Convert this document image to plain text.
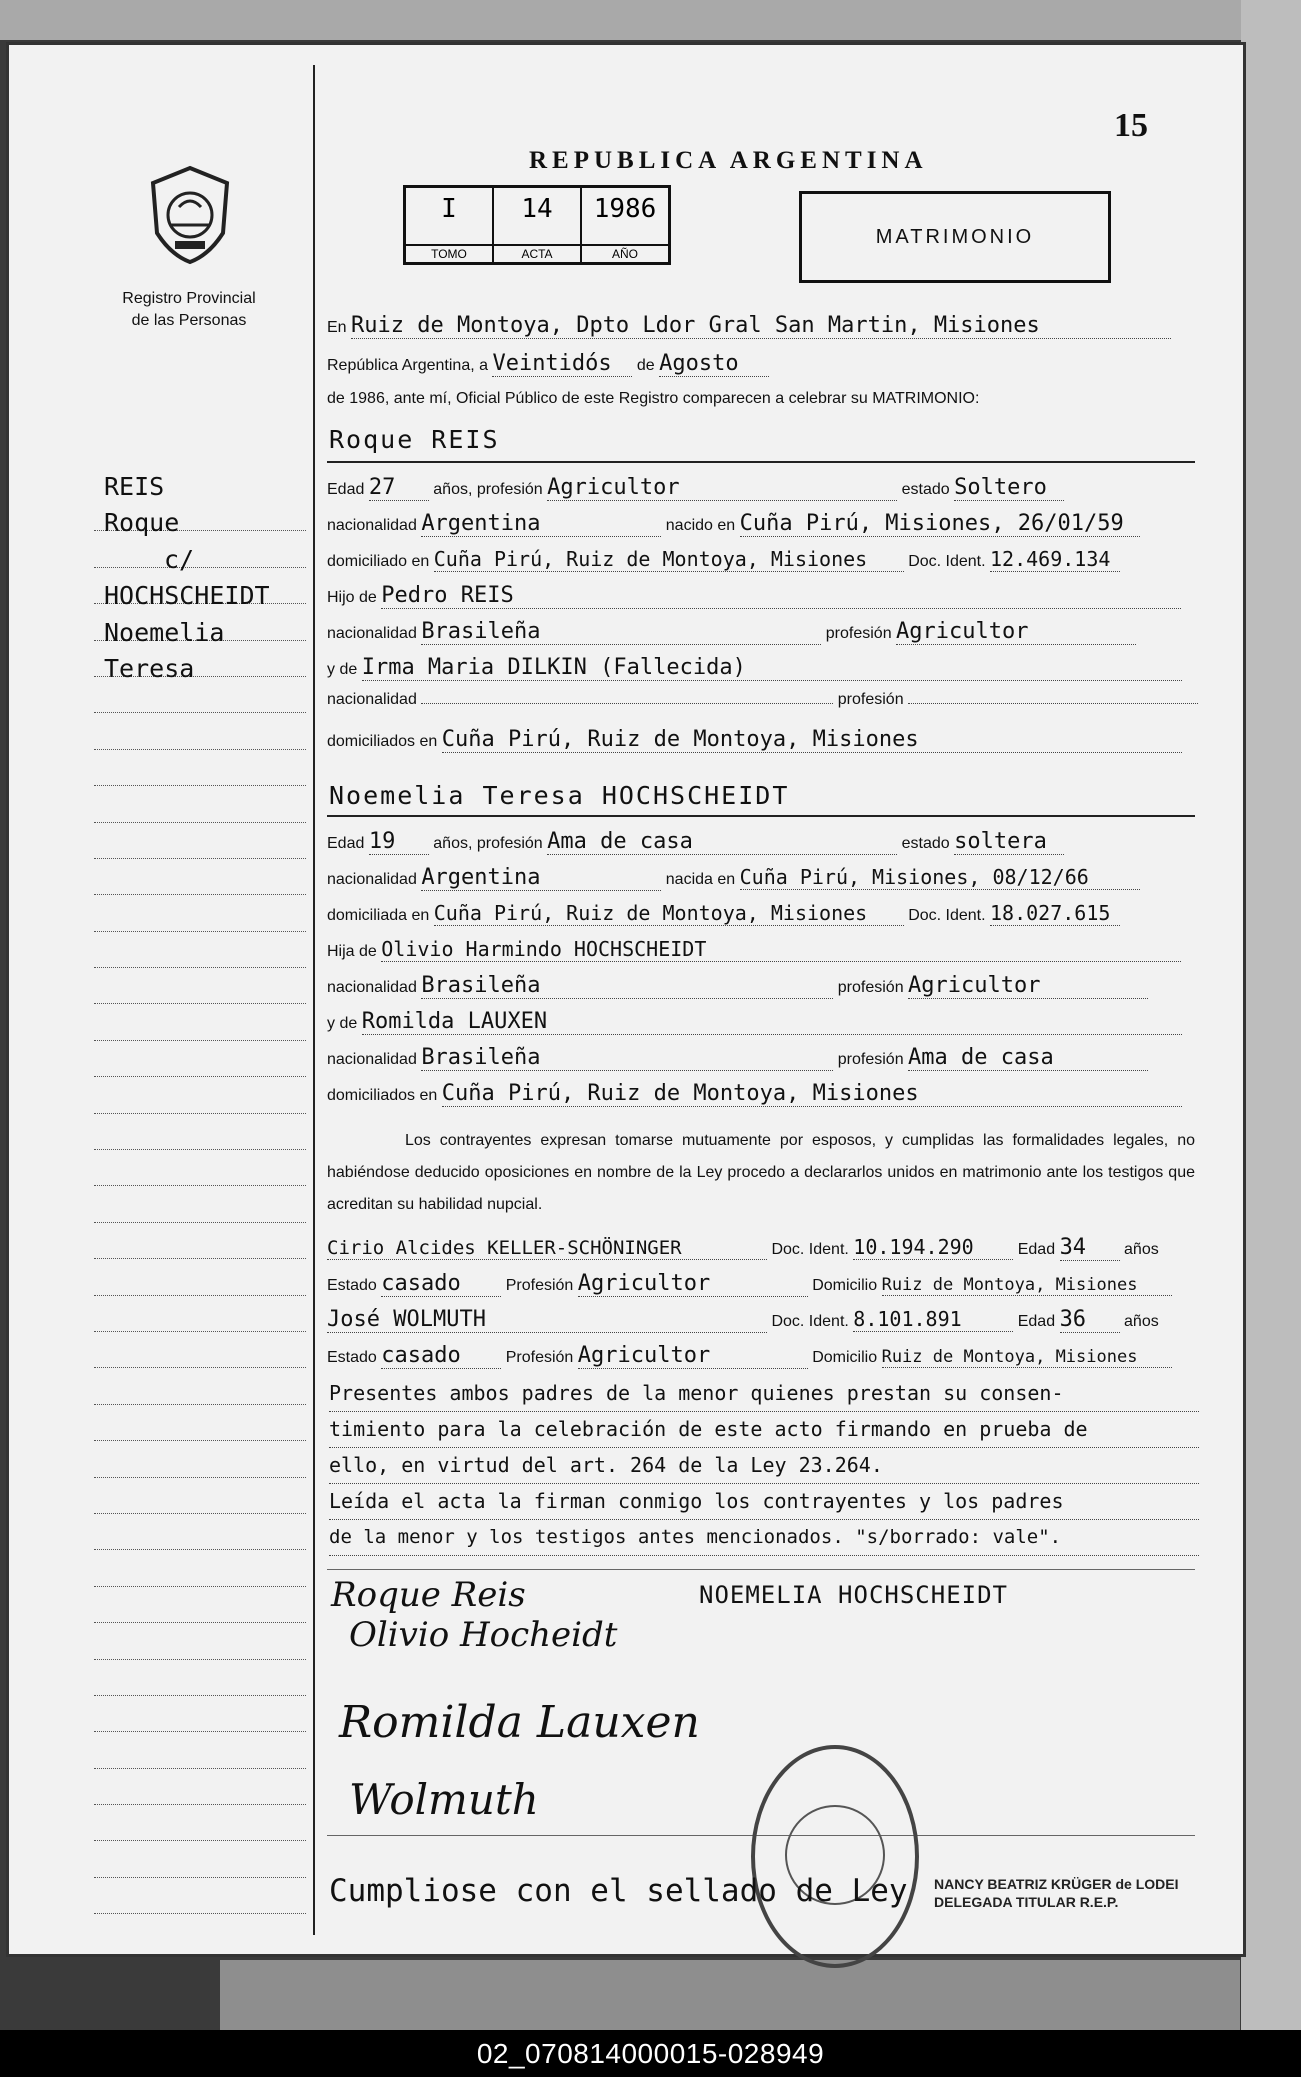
15
Registro Provincial
de las Personas
REIS
Roque
c/
HOCHSCHEIDT
Noemelia
Teresa
REPUBLICA ARGENTINA
I
TOMO
14
ACTA
1986
AÑO
MATRIMONIO
En Ruiz de Montoya, Dpto Ldor Gral San Martin, Misiones
República Argentina, a Veintidós de Agosto
de 1986, ante mí, Oficial Público de este Registro comparecen a celebrar su MATRIMONIO:
Roque REIS
Edad 27 años, profesión Agricultor	estado Soltero
nacionalidad Argentina	nacido en Cuña Pirú, Misiones, 26/01/59
domiciliado en Cuña Pirú, Ruiz de Montoya, Misiones	Doc. Ident. 12.469.134
Hijo de Pedro REIS
nacionalidad Brasileña	profesión Agricultor
y de Irma Maria DILKIN (Fallecida)
nacionalidad	profesión
domiciliados en Cuña Pirú, Ruiz de Montoya, Misiones
Noemelia Teresa HOCHSCHEIDT
Edad 19 años, profesión Ama de casa	estado soltera
nacionalidad Argentina	nacida en Cuña Pirú, Misiones, 08/12/66
domiciliada en Cuña Pirú, Ruiz de Montoya, Misiones	Doc. Ident. 18.027.615
Hija de Olivio Harmindo HOCHSCHEIDT
nacionalidad Brasileña	profesión Agricultor
y de Romilda LAUXEN
nacionalidad Brasileña	profesión Ama de casa
domiciliados en Cuña Pirú, Ruiz de Montoya, Misiones
Los contrayentes expresan tomarse mutuamente por esposos, y cumplidas las formalidades legales, no habiéndose deducido oposiciones en nombre de la Ley procedo a declararlos unidos en matrimonio ante los testigos que acreditan su habilidad nupcial.
Cirio Alcides KELLER-SCHÖNINGER	Doc. Ident. 10.194.290	Edad 34 años
Estado casado	Profesión Agricultor	Domicilio Ruiz de Montoya, Misiones
José WOLMUTH	Doc. Ident. 8.101.891	Edad 36 años
Estado casado	Profesión Agricultor	Domicilio Ruiz de Montoya, Misiones
Presentes ambos padres de la menor quienes prestan su consen-
timiento para la celebración de este acto firmando en prueba de
ello, en virtud del art. 264 de la Ley 23.264.
Leída el acta la firman conmigo los contrayentes y los padres
de la menor y los testigos antes mencionados. "s/borrado: vale".
Roque Reis
Olivio Hocheidt
NOEMELIA HOCHSCHEIDT
Romilda Lauxen
Wolmuth
Cumpliose con el sellado de Ley NANCY BEATRIZ KRÜGER de LODEI
DELEGADA TITULAR R.E.P.
02_070814000015-028949
